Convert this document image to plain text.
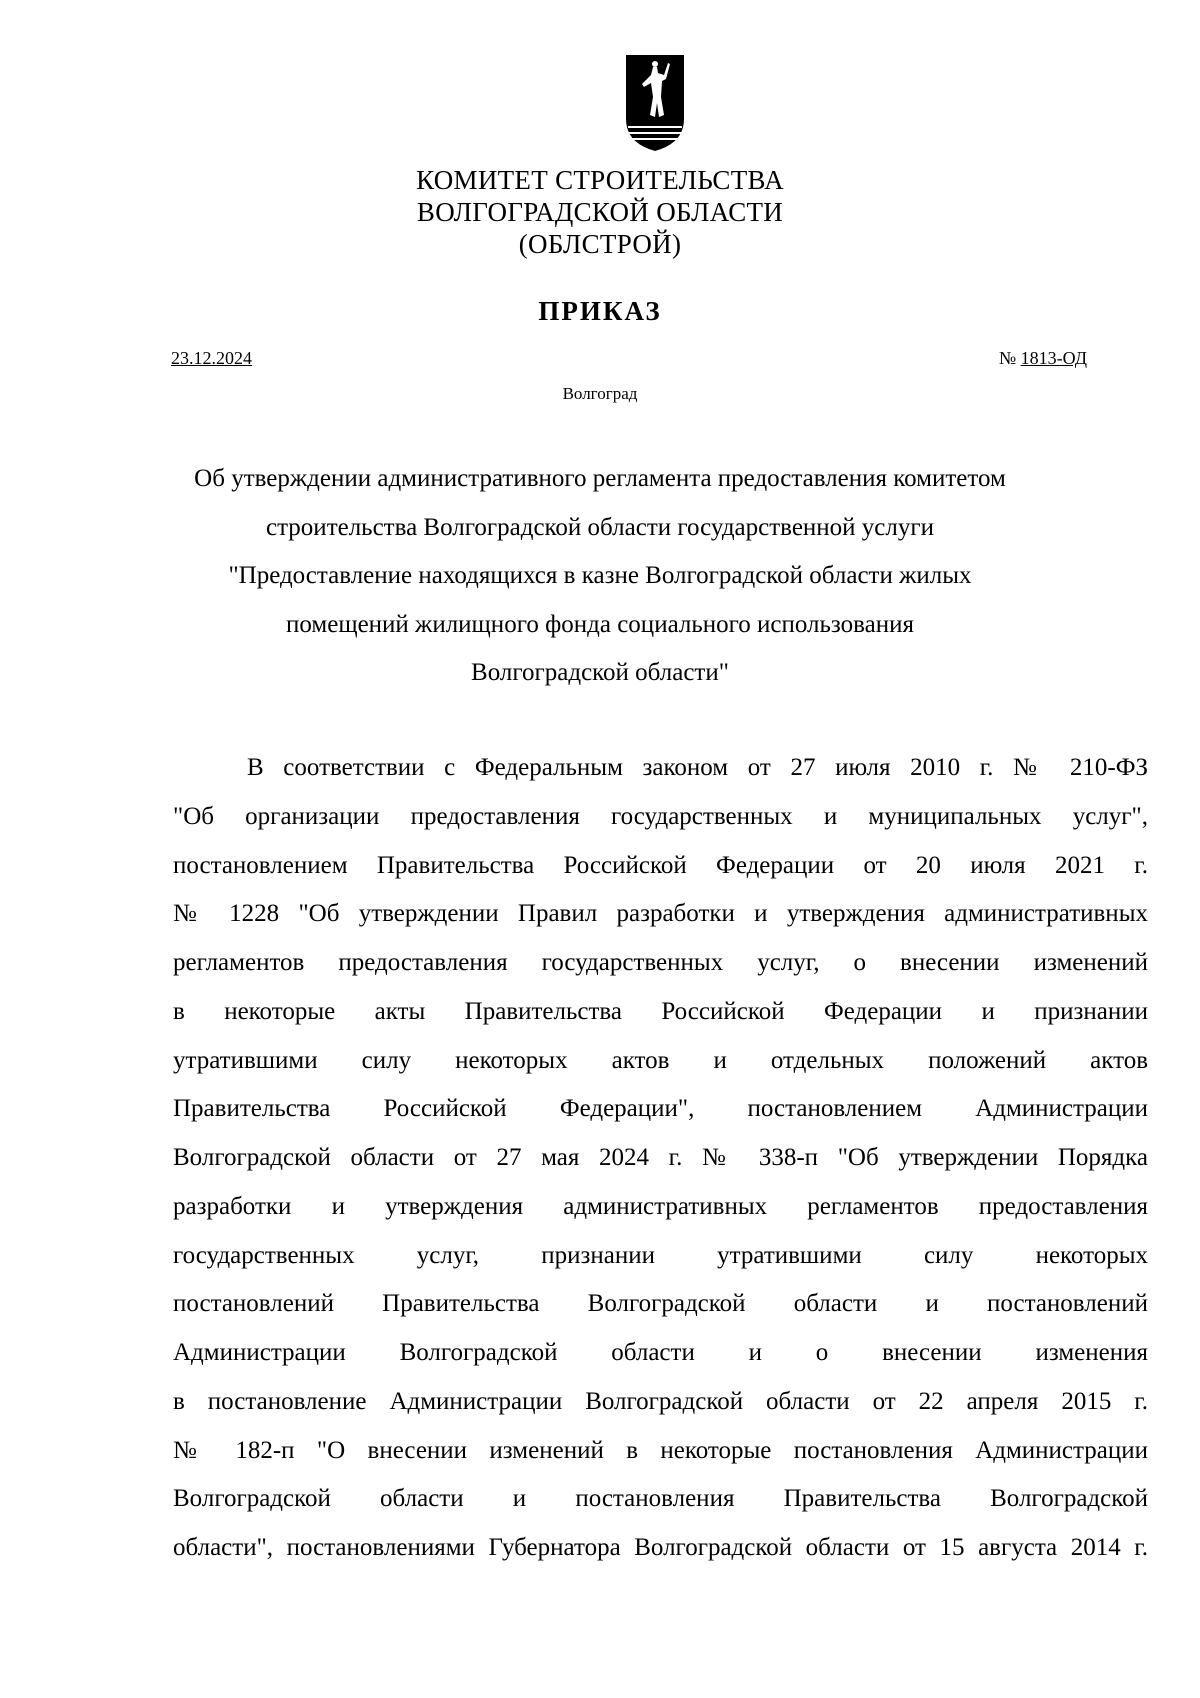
КОМИТЕТ СТРОИТЕЛЬСТВА
ВОЛГОГРАДСКОЙ ОБЛАСТИ
(ОБЛСТРОЙ)
ПРИКАЗ
23.12.2024	№ 1813-ОД
Волгоград
Об утверждении административного регламента предоставления комитетом
строительства Волгоградской области государственной услуги
"Предоставление находящихся в казне Волгоградской области жилых
помещений жилищного фонда социального использования
Волгоградской области"
В соответствии с Федеральным законом от 27 июля 2010 г. № 210-ФЗ
"Об организации предоставления государственных и муниципальных услуг",
постановлением Правительства Российской Федерации от 20 июля 2021 г.
№ 1228 "Об утверждении Правил разработки и утверждения административных
регламентов предоставления государственных услуг, о внесении изменений
в некоторые акты Правительства Российской Федерации и признании
утратившими силу некоторых актов и отдельных положений актов
Правительства Российской Федерации", постановлением Администрации
Волгоградской области от 27 мая 2024 г. № 338-п "Об утверждении Порядка
разработки и утверждения административных регламентов предоставления
государственных услуг, признании утратившими силу некоторых
постановлений Правительства Волгоградской области и постановлений
Администрации Волгоградской области и о внесении изменения
в постановление Администрации Волгоградской области от 22 апреля 2015 г.
№ 182-п "О внесении изменений в некоторые постановления Администрации
Волгоградской области и постановления Правительства Волгоградской
области", постановлениями Губернатора Волгоградской области от 15 августа 2014 г.
